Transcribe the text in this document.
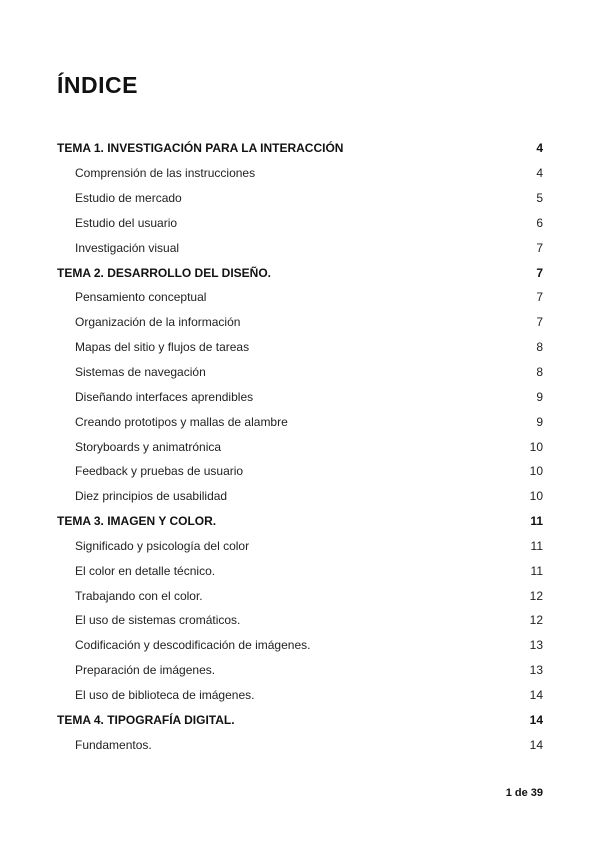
ÍNDICE
TEMA 1. INVESTIGACIÓN PARA LA INTERACCIÓN	4
Comprensión de las instrucciones	4
Estudio de mercado	5
Estudio del usuario	6
Investigación visual	7
TEMA 2. DESARROLLO DEL DISEÑO.	7
Pensamiento conceptual	7
Organización de la información	7
Mapas del sitio y flujos de tareas	8
Sistemas de navegación	8
Diseñando interfaces aprendibles	9
Creando prototipos y mallas de alambre	9
Storyboards y animatrónica	10
Feedback y pruebas de usuario	10
Diez principios de usabilidad	10
TEMA 3. IMAGEN Y COLOR.	11
Significado y psicología del color	11
El color en detalle técnico.	11
Trabajando con el color.	12
El uso de sistemas cromáticos.	12
Codificación y descodificación de imágenes.	13
Preparación de imágenes.	13
El uso de biblioteca de imágenes.	14
TEMA 4. TIPOGRAFÍA DIGITAL.	14
Fundamentos.	14
1 de 39
